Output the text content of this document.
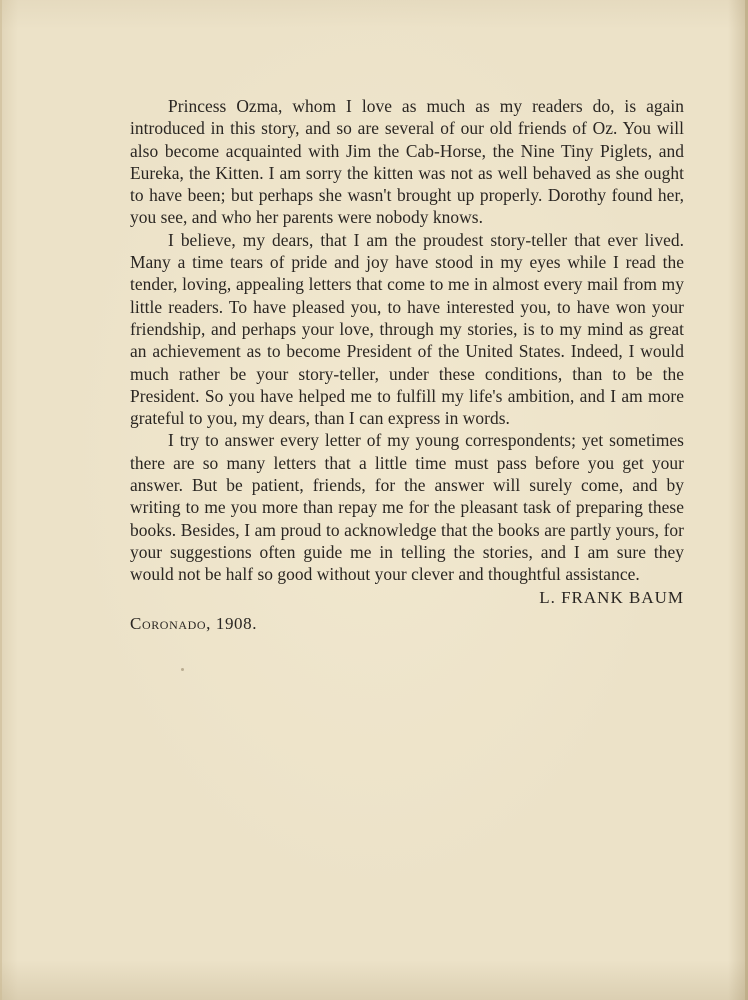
Princess Ozma, whom I love as much as my readers do, is again introduced in this story, and so are several of our old friends of Oz. You will also become acquainted with Jim the Cab-Horse, the Nine Tiny Piglets, and Eureka, the Kitten. I am sorry the kitten was not as well behaved as she ought to have been; but perhaps she wasn't brought up properly. Dorothy found her, you see, and who her parents were nobody knows.

I believe, my dears, that I am the proudest story-teller that ever lived. Many a time tears of pride and joy have stood in my eyes while I read the tender, loving, appealing letters that come to me in almost every mail from my little readers. To have pleased you, to have interested you, to have won your friendship, and perhaps your love, through my stories, is to my mind as great an achievement as to become President of the United States. Indeed, I would much rather be your story-teller, under these conditions, than to be the President. So you have helped me to fulfill my life's ambition, and I am more grateful to you, my dears, than I can express in words.

I try to answer every letter of my young correspondents; yet sometimes there are so many letters that a little time must pass before you get your answer. But be patient, friends, for the answer will surely come, and by writing to me you more than repay me for the pleasant task of preparing these books. Besides, I am proud to acknowledge that the books are partly yours, for your suggestions often guide me in telling the stories, and I am sure they would not be half so good without your clever and thoughtful assistance.

L. FRANK BAUM

Coronado, 1908.
